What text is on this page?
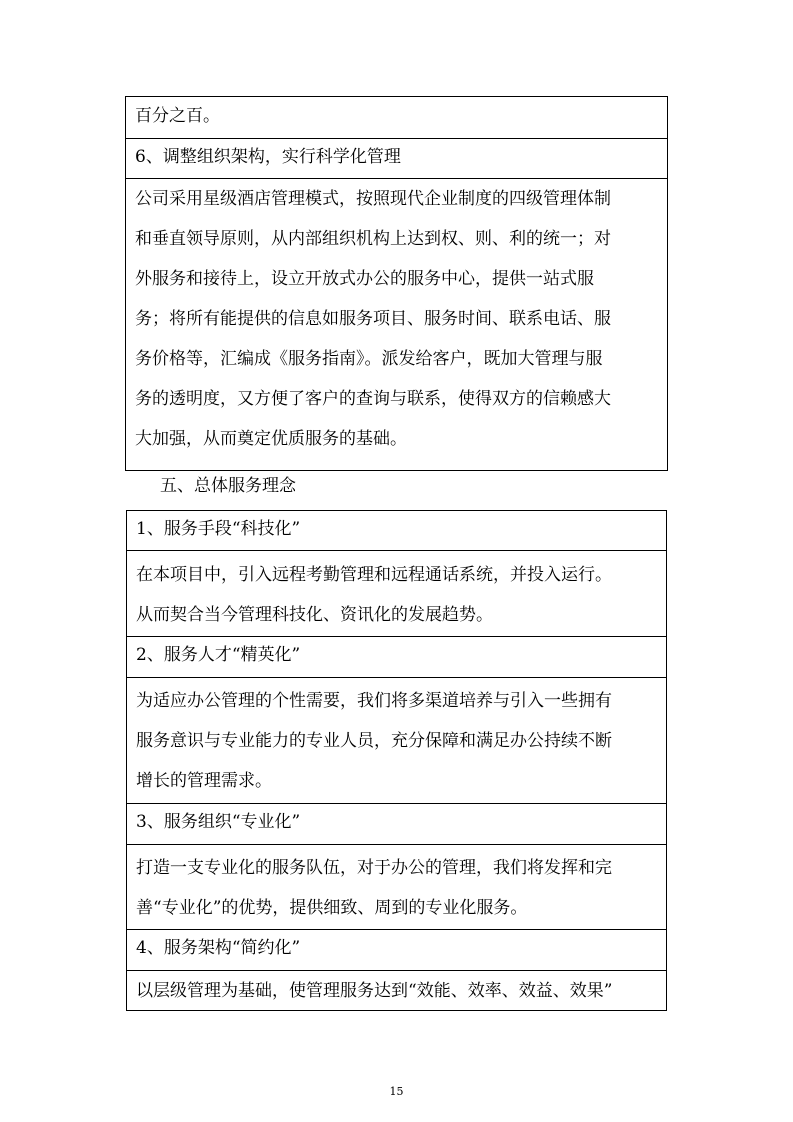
百分之百。
6、调整组织架构，实行科学化管理
公司采用星级酒店管理模式，按照现代企业制度的四级管理体制
和垂直领导原则，从内部组织机构上达到权、则、利的统一；对
外服务和接待上，设立开放式办公的服务中心，提供一站式服
务；将所有能提供的信息如服务项目、服务时间、联系电话、服
务价格等，汇编成《服务指南》。派发给客户，既加大管理与服
务的透明度，又方便了客户的查询与联系，使得双方的信赖感大
大加强，从而奠定优质服务的基础。
五、总体服务理念
1、服务手段“科技化”
在本项目中，引入远程考勤管理和远程通话系统，并投入运行。
从而契合当今管理科技化、资讯化的发展趋势。
2、服务人才“精英化”
为适应办公管理的个性需要，我们将多渠道培养与引入一些拥有
服务意识与专业能力的专业人员，充分保障和满足办公持续不断
增长的管理需求。
3、服务组织“专业化”
打造一支专业化的服务队伍，对于办公的管理，我们将发挥和完
善“专业化”的优势，提供细致、周到的专业化服务。
4、服务架构“简约化”
以层级管理为基础，使管理服务达到“效能、效率、效益、效果”
15
